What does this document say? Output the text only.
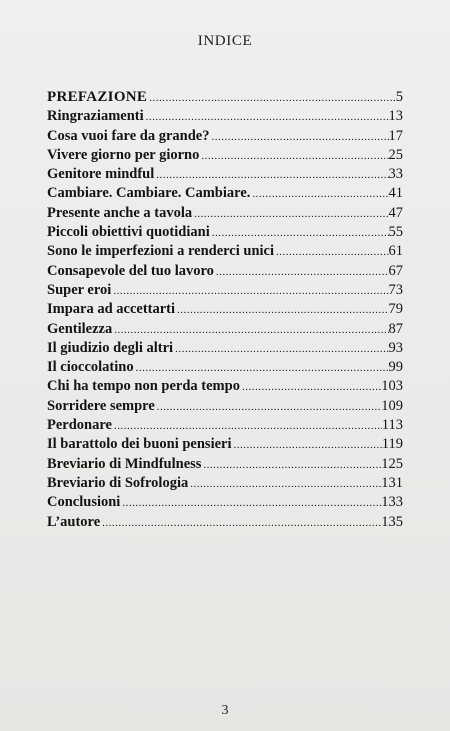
INDICE
PREFAZIONE .....	5
Ringraziamenti .....	13
Cosa vuoi fare da grande? .....	17
Vivere giorno per giorno .....	25
Genitore mindful .....	33
Cambiare. Cambiare. Cambiare. .....	41
Presente anche a tavola .....	47
Piccoli obiettivi quotidiani .....	55
Sono le imperfezioni a renderci unici .....	61
Consapevole del tuo lavoro .....	67
Super eroi .....	73
Impara ad accettarti .....	79
Gentilezza .....	87
Il giudizio degli altri .....	93
Il cioccolatino .....	99
Chi ha tempo non perda tempo .....	103
Sorridere sempre .....	109
Perdonare .....	113
Il barattolo dei buoni pensieri .....	119
Breviario di Mindfulness .....	125
Breviario di Sofrologia .....	131
Conclusioni .....	133
L’autore .....	135
3
